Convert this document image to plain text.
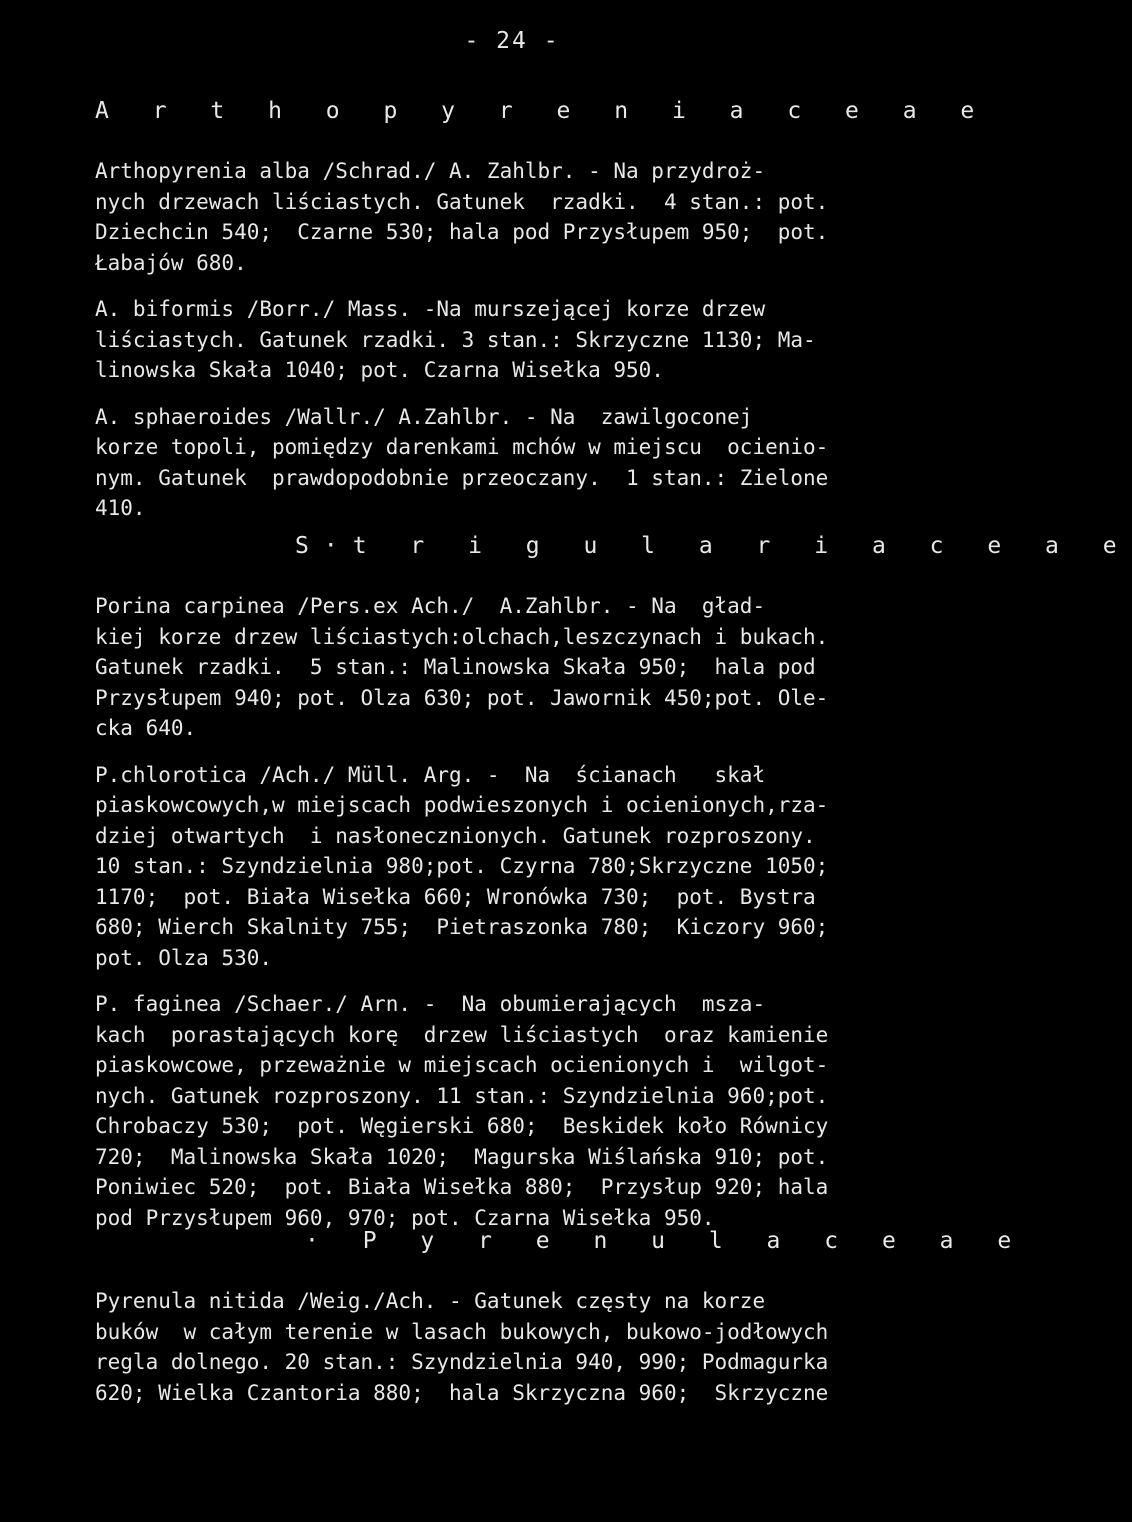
- 24 -
A r t h o p y r e n i a c e a e
Arthopyrenia alba /Schrad./ A. Zahlbr. - Na przydroż-
nych drzewach liściastych. Gatunek  rzadki.  4 stan.: pot.
Dziechcin 540;  Czarne 530; hala pod Przysłupem 950;  pot.
Łabajów 680.
A. biformis /Borr./ Mass. -Na murszejącej korze drzew
liściastych. Gatunek rzadki. 3 stan.: Skrzyczne 1130; Ma-
linowska Skała 1040; pot. Czarna Wisełka 950.
A. sphaeroides /Wallr./ A.Zahlbr. - Na  zawilgoconej
korze topoli, pomiędzy darenkami mchów w miejscu  ocienio-
nym. Gatunek  prawdopodobnie przeoczany.  1 stan.: Zielone
410.
S·t r i g u l a r i a c e a e
Porina carpinea /Pers.ex Ach./  A.Zahlbr. - Na  gład-
kiej korze drzew liściastych:olchach,leszczynach i bukach.
Gatunek rzadki.  5 stan.: Malinowska Skała 950;  hala pod
Przysłupem 940; pot. Olza 630; pot. Jawornik 450;pot. Ole-
cka 640.
P.chlorotica /Ach./ Müll. Arg. -  Na  ścianach   skał
piaskowcowych,w miejscach podwieszonych i ocienionych,rza-
dziej otwartych  i nasłonecznionych. Gatunek rozproszony.
10 stan.: Szyndzielnia 980;pot. Czyrna 780;Skrzyczne 1050;
1170;  pot. Biała Wisełka 660; Wronówka 730;  pot. Bystra
680; Wierch Skalnity 755;  Pietraszonka 780;  Kiczory 960;
pot. Olza 530.
P. faginea /Schaer./ Arn. -  Na obumierających  msza-
kach  porastających korę  drzew liściastych  oraz kamienie
piaskowcowe, przeważnie w miejscach ocienionych i  wilgot-
nych. Gatunek rozproszony. 11 stan.: Szyndzielnia 960;pot.
Chrobaczy 530;  pot. Węgierski 680;  Beskidek koło Równicy
720;  Malinowska Skała 1020;  Magurska Wiślańska 910; pot.
Poniwiec 520;  pot. Biała Wisełka 880;  Przysłup 920; hala
pod Przysłupem 960, 970; pot. Czarna Wisełka 950.
· P y r e n u l a c e a e
Pyrenula nitida /Weig./Ach. - Gatunek częsty na korze
buków  w całym terenie w lasach bukowych, bukowo-jodłowych
regla dolnego. 20 stan.: Szyndzielnia 940, 990; Podmagurka
620; Wielka Czantoria 880;  hala Skrzyczna 960;  Skrzyczne
